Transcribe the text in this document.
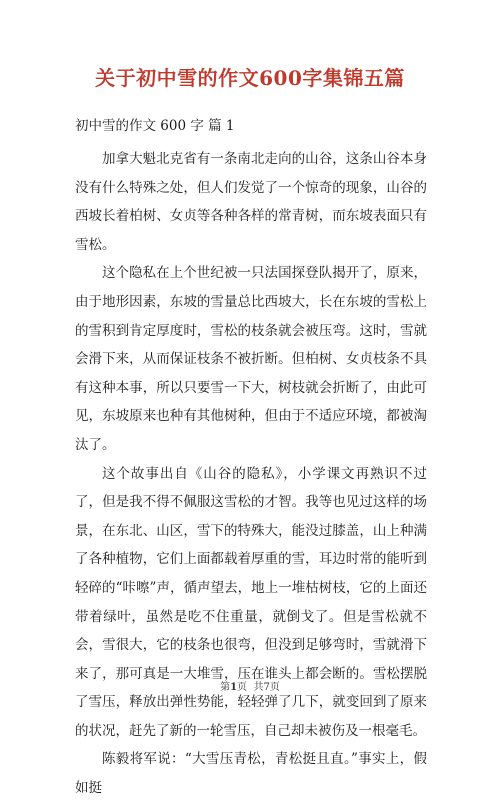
关于初中雪的作文600字集锦五篇
初中雪的作文 600 字 篇 1

加拿大魁北克省有一条南北走向的山谷，这条山谷本身没有什么特殊之处，但人们发觉了一个惊奇的现象，山谷的西坡长着柏树、女贞等各种各样的常青树，而东坡表面只有雪松。

这个隐私在上个世纪被一只法国探登队揭开了，原来，由于地形因素，东坡的雪量总比西坡大，长在东坡的雪松上的雪积到肯定厚度时，雪松的枝条就会被压弯。这时，雪就会滑下来，从而保证枝条不被折断。但柏树、女贞枝条不具有这种本事，所以只要雪一下大，树枝就会折断了，由此可见，东坡原来也种有其他树种，但由于不适应环境，都被淘汰了。

这个故事出自《山谷的隐私》，小学课文再熟识不过了，但是我不得不佩服这雪松的才智。我等也见过这样的场景，在东北、山区，雪下的特殊大，能没过膝盖，山上种满了各种植物，它们上面都载着厚重的雪，耳边时常的能听到轻碎的“咔嚓”声，循声望去，地上一堆枯树枝，它的上面还带着绿叶，虽然是吃不住重量，就倒戈了。但是雪松就不会，雪很大，它的枝条也很弯，但没到足够弯时，雪就滑下来了，那可真是一大堆雪，压在谁头上都会断的。雪松摆脱了雪压，释放出弹性势能，轻轻弹了几下，就变回到了原来的状况，赶先了新的一轮雪压，自己却未被伤及一根毫毛。

陈毅将军说：“大雪压青松，青松挺且直。”事实上，假如挺

第1页 共7页
